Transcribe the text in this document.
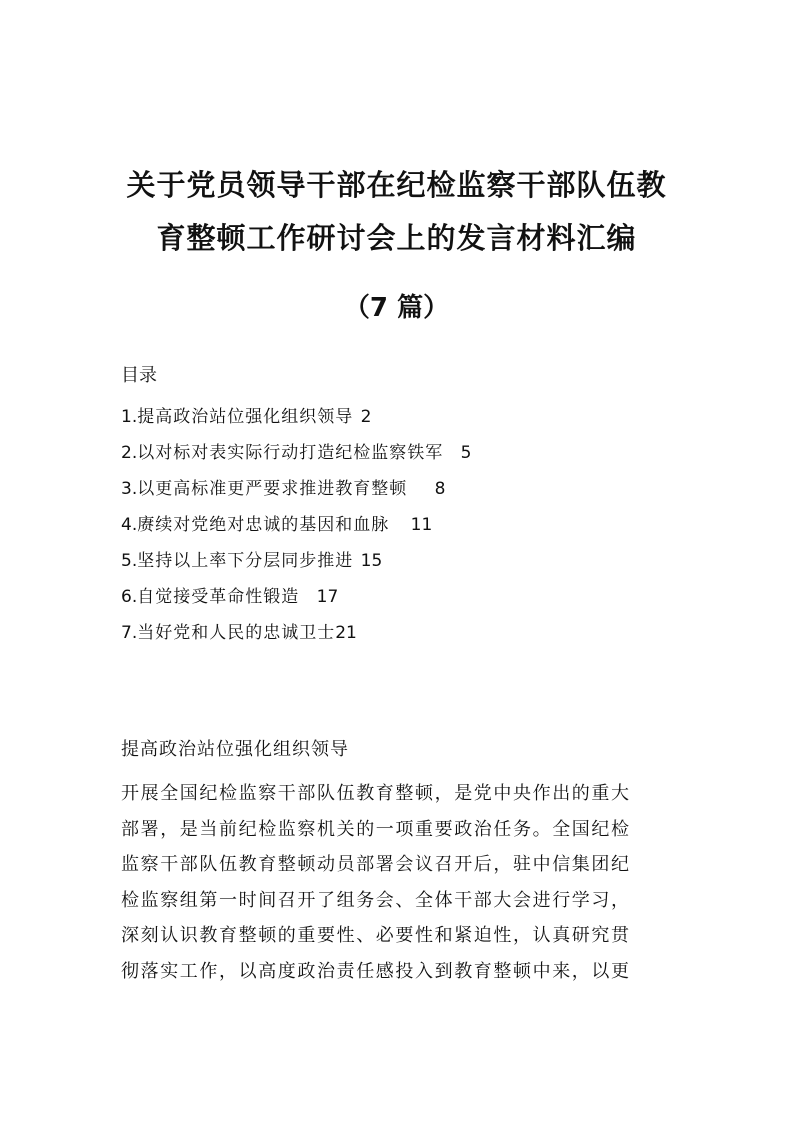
关于党员领导干部在纪检监察干部队伍教
育整顿工作研讨会上的发言材料汇编
（7 篇）
目录
1.提高政治站位强化组织领导 2
2.以对标对表实际行动打造纪检监察铁军 5
3.以更高标准更严要求推进教育整顿 8
4.赓续对党绝对忠诚的基因和血脉 11
5.坚持以上率下分层同步推进 15
6.自觉接受革命性锻造 17
7.当好党和人民的忠诚卫士21
提高政治站位强化组织领导

开展全国纪检监察干部队伍教育整顿，是党中央作出的重大
部署，是当前纪检监察机关的一项重要政治任务。全国纪检
监察干部队伍教育整顿动员部署会议召开后，驻中信集团纪
检监察组第一时间召开了组务会、全体干部大会进行学习，
深刻认识教育整顿的重要性、必要性和紧迫性，认真研究贯
彻落实工作，以高度政治责任感投入到教育整顿中来，以更
